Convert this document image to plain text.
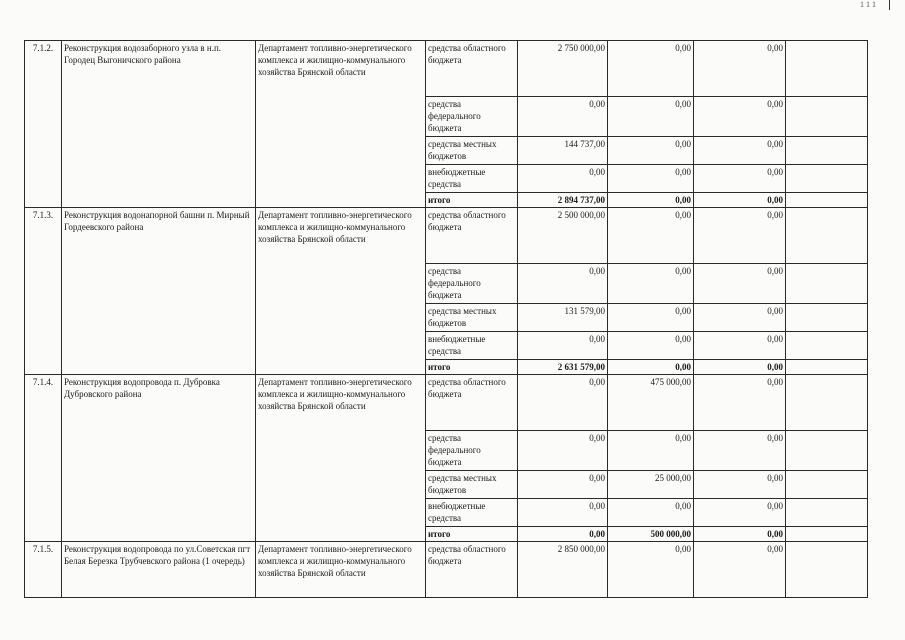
1 1 1
7.1.2.	Реконструкция водозаборного узла в н.п. Городец Выгоничского района	Департамент топливно-энергетического комплекса и жилищно-коммунального хозяйства Брянской области	средства областного бюджета	2 750 000,00	0,00	0,00	
			средства федерального бюджета	0,00	0,00	0,00	
			средства местных бюджетов	144 737,00	0,00	0,00	
			внебюджетные средства	0,00	0,00	0,00	
			итого	2 894 737,00	0,00	0,00	
7.1.3.	Реконструкция водонапорной башни п. Мирный Гордеевского района	Департамент топливно-энергетического комплекса и жилищно-коммунального хозяйства Брянской области	средства областного бюджета	2 500 000,00	0,00	0,00	
			средства федерального бюджета	0,00	0,00	0,00	
			средства местных бюджетов	131 579,00	0,00	0,00	
			внебюджетные средства	0,00	0,00	0,00	
			итого	2 631 579,00	0,00	0,00	
7.1.4.	Реконструкция водопровода п. Дубровка Дубровского района	Департамент топливно-энергетического комплекса и жилищно-коммунального хозяйства Брянской области	средства областного бюджета	0,00	475 000,00	0,00	
			средства федерального бюджета	0,00	0,00	0,00	
			средства местных бюджетов	0,00	25 000,00	0,00	
			внебюджетные средства	0,00	0,00	0,00	
			итого	0,00	500 000,00	0,00	
7.1.5.	Реконструкция водопровода по ул.Советская пгт Белая Березка Трубчевского района (1 очередь)	Департамент топливно-энергетического комплекса и жилищно-коммунального хозяйства Брянской области	средства областного бюджета	2 850 000,00	0,00	0,00	
